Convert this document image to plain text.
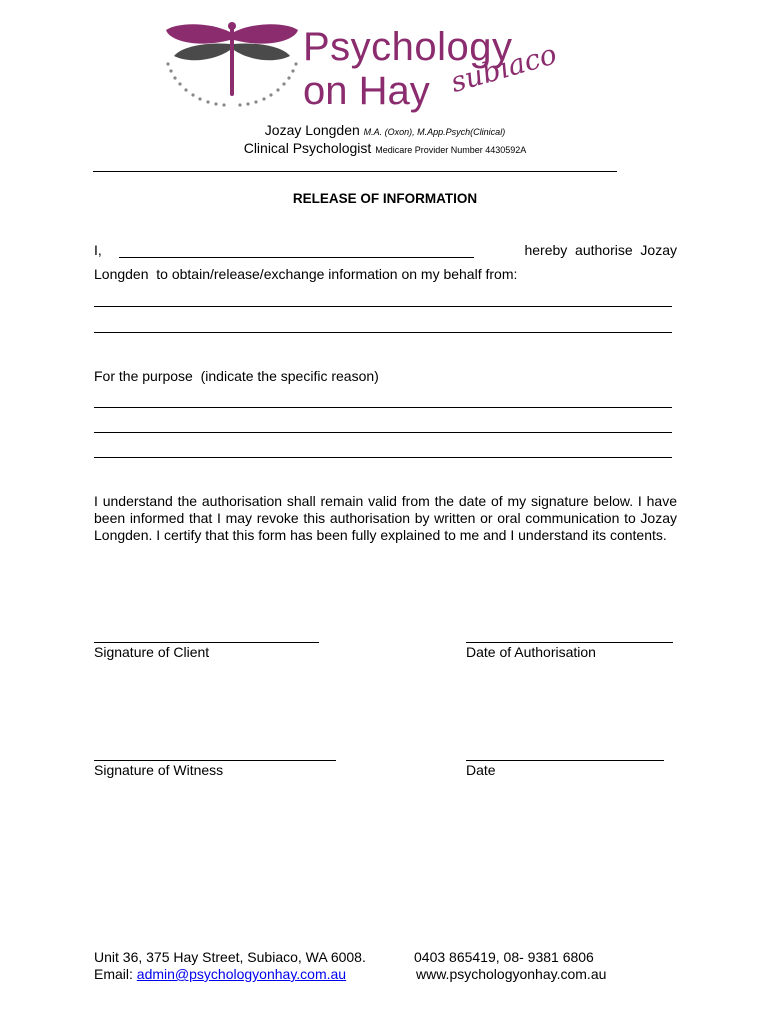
Psychology
on Hay subiaco
Jozay Longden M.A. (Oxon), M.App.Psych(Clinical)
Clinical Psychologist Medicare Provider Number 4430592A
RELEASE OF INFORMATION
I,	hereby  authorise  Jozay
Longden  to obtain/release/exchange information on my behalf from:
For the purpose  (indicate the specific reason)
I understand the authorisation shall remain valid from the date of my signature below. I have been informed that I may revoke this authorisation by written or oral communication to Jozay Longden. I certify that this form has been fully explained to me and I understand its contents.
Signature of Client	Date of Authorisation
Signature of Witness	Date
Unit 36, 375 Hay Street, Subiaco, WA 6008.	0403 865419, 08- 9381 6806
Email: admin@psychologyonhay.com.au	www.psychologyonhay.com.au
